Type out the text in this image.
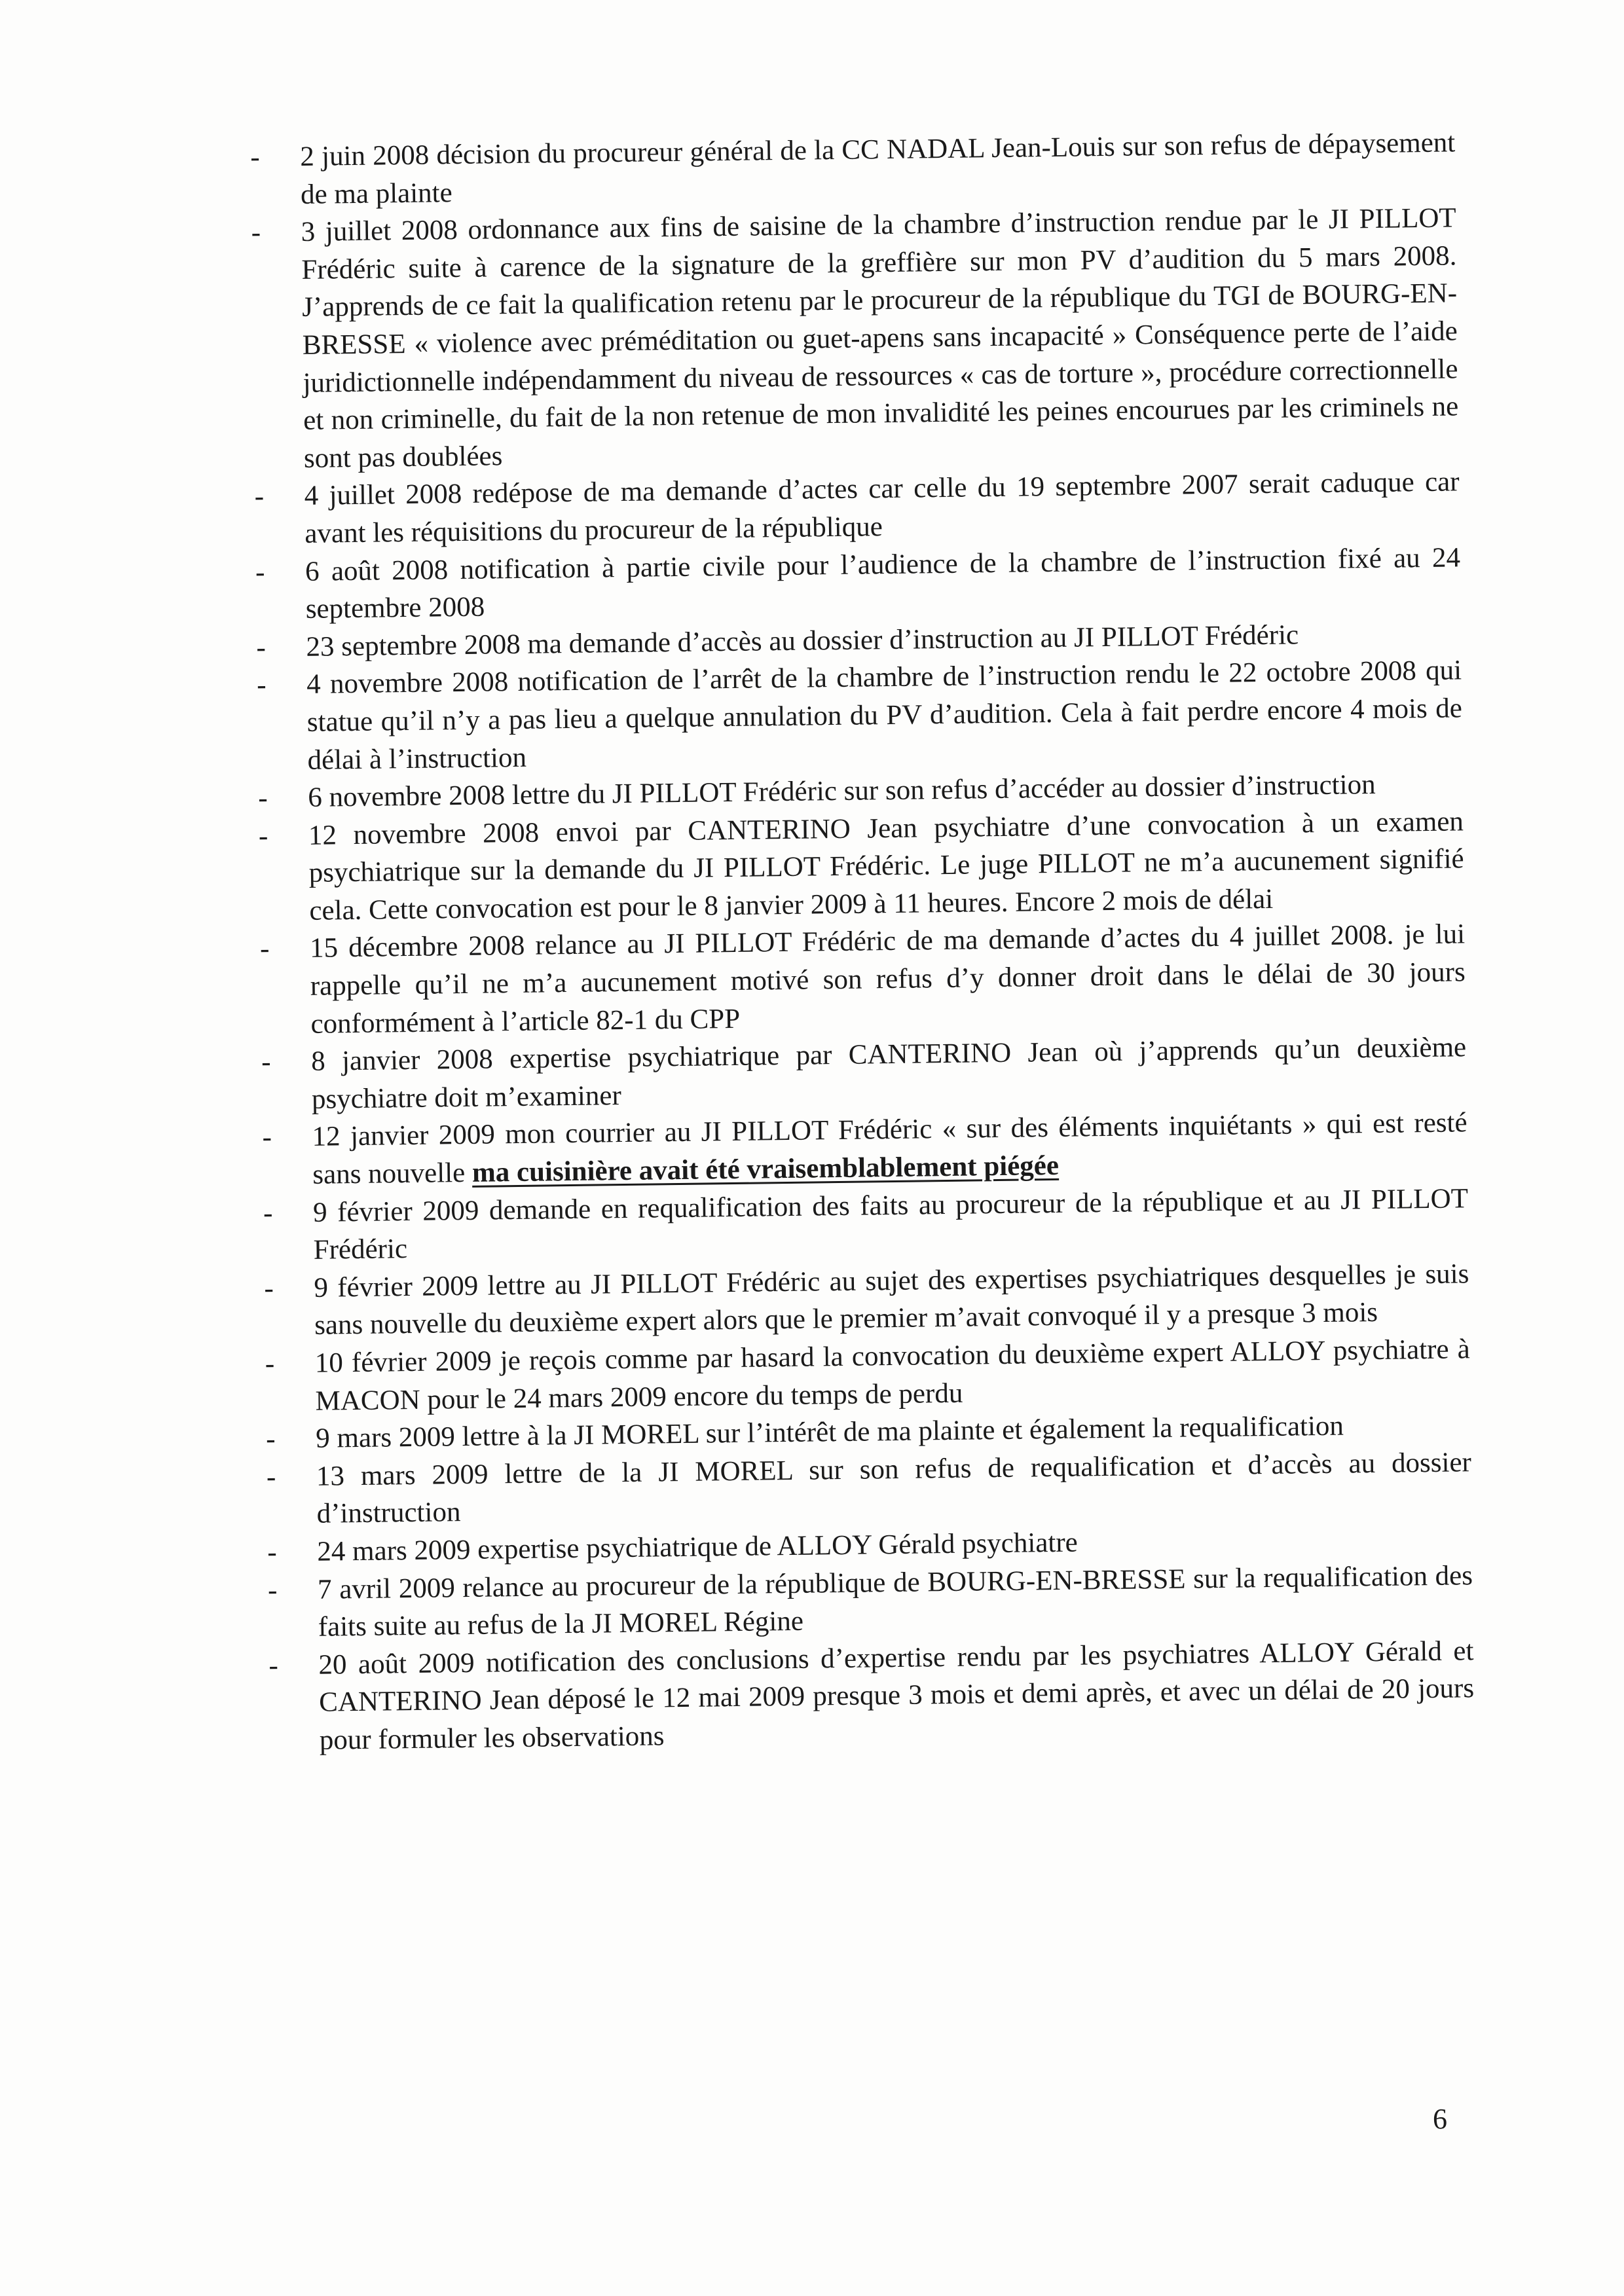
-	2 juin 2008 décision du procureur général de la CC NADAL Jean-Louis sur son refus de dépaysement de ma plainte
-	3 juillet 2008 ordonnance aux fins de saisine de la chambre d’instruction rendue par le JI PILLOT Frédéric suite à carence de la signature de la greffière sur mon PV d’audition du 5 mars 2008. J’apprends de ce fait la qualification retenu par le procureur de la république du TGI de BOURG-EN-BRESSE « violence avec préméditation ou guet-apens sans incapacité » Conséquence perte de l’aide juridictionnelle indépendamment du niveau de ressources « cas de torture », procédure correctionnelle et non criminelle, du fait de la non retenue de mon invalidité les peines encourues par les criminels ne sont pas doublées
-	4 juillet 2008 redépose de ma demande d’actes car celle du 19 septembre 2007 serait caduque car avant les réquisitions du procureur de la république
-	6 août 2008 notification à partie civile pour l’audience de la chambre de l’instruction fixé au 24 septembre 2008
-	23 septembre 2008 ma demande d’accès au dossier d’instruction au JI PILLOT Frédéric
-	4 novembre 2008 notification de l’arrêt de la chambre de l’instruction rendu le 22 octobre 2008 qui statue qu’il n’y a pas lieu a quelque annulation du PV d’audition. Cela à fait perdre encore 4 mois de délai à l’instruction
-	6 novembre 2008 lettre du JI PILLOT Frédéric sur son refus d’accéder au dossier d’instruction
-	12 novembre 2008 envoi par CANTERINO Jean psychiatre d’une convocation à un examen psychiatrique sur la demande du JI PILLOT Frédéric. Le juge PILLOT ne m’a aucunement signifié cela. Cette convocation est pour le 8 janvier 2009 à 11 heures. Encore 2 mois de délai
-	15 décembre 2008 relance au JI PILLOT Frédéric de ma demande d’actes du 4 juillet 2008. je lui rappelle qu’il ne m’a aucunement motivé son refus d’y donner droit dans le délai de 30 jours conformément à l’article 82-1 du CPP
-	8 janvier 2008 expertise psychiatrique par CANTERINO Jean où j’apprends qu’un deuxième psychiatre doit m’examiner
-	12 janvier 2009 mon courrier au JI PILLOT Frédéric « sur des éléments inquiétants » qui est resté sans nouvelle ma cuisinière avait été vraisemblablement piégée
-	9 février 2009 demande en requalification des faits au procureur de la république et au JI PILLOT Frédéric
-	9 février 2009 lettre au JI PILLOT Frédéric au sujet des expertises psychiatriques desquelles je suis sans nouvelle du deuxième expert alors que le premier m’avait convoqué il y a presque 3 mois
-	10 février 2009 je reçois comme par hasard la convocation du deuxième expert ALLOY psychiatre à MACON pour le 24 mars 2009 encore du temps de perdu
-	9 mars 2009 lettre à la JI MOREL sur l’intérêt de ma plainte et également la requalification
-	13 mars 2009 lettre de la JI MOREL sur son refus de requalification et d’accès au dossier d’instruction
-	24 mars 2009 expertise psychiatrique de ALLOY Gérald psychiatre
-	7 avril 2009 relance au procureur de la république de BOURG-EN-BRESSE sur la requalification des faits suite au refus de la JI MOREL Régine
-	20 août 2009 notification des conclusions d’expertise rendu par les psychiatres ALLOY Gérald et CANTERINO Jean déposé le 12 mai 2009 presque 3 mois et demi après, et avec un délai de 20 jours pour formuler les observations
6
